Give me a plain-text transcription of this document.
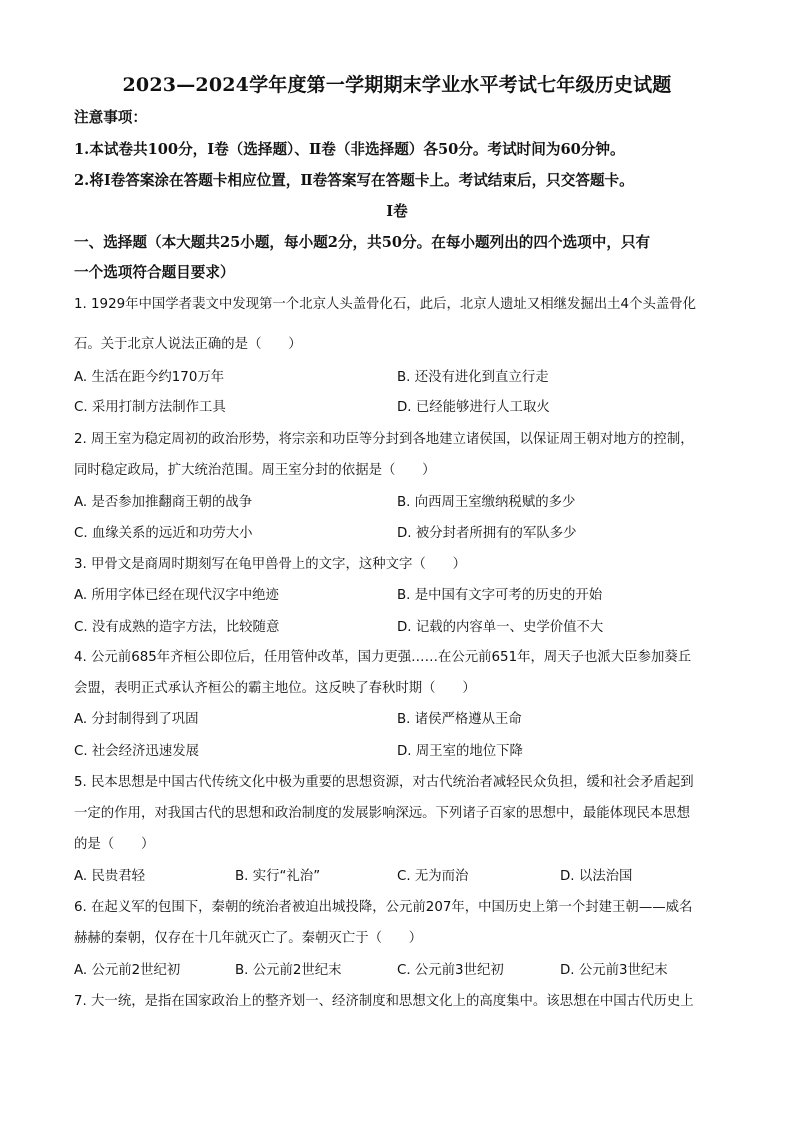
2023—2024学年度第一学期期末学业水平考试七年级历史试题
注意事项：
1.本试卷共100分，Ⅰ卷（选择题）、Ⅱ卷（非选择题）各50分。考试时间为60分钟。
2.将Ⅰ卷答案涂在答题卡相应位置，Ⅱ卷答案写在答题卡上。考试结束后，只交答题卡。
Ⅰ卷
一、选择题（本大题共25小题，每小题2分，共50分。在每小题列出的四个选项中，只有
一个选项符合题目要求）
1. 1929年中国学者裴文中发现第一个北京人头盖骨化石，此后，北京人遗址又相继发掘出土4个头盖骨化
石。关于北京人说法正确的是（　　）
A. 生活在距今约170万年	B. 还没有进化到直立行走
C. 采用打制方法制作工具	D. 已经能够进行人工取火
2. 周王室为稳定周初的政治形势，将宗亲和功臣等分封到各地建立诸侯国，以保证周王朝对地方的控制，
同时稳定政局，扩大统治范围。周王室分封的依据是（　　）
A. 是否参加推翻商王朝的战争	B. 向西周王室缴纳税赋的多少
C. 血缘关系的远近和功劳大小	D. 被分封者所拥有的军队多少
3. 甲骨文是商周时期刻写在龟甲兽骨上的文字，这种文字（　　）
A. 所用字体已经在现代汉字中绝迹	B. 是中国有文字可考的历史的开始
C. 没有成熟的造字方法，比较随意	D. 记载的内容单一、史学价值不大
4. 公元前685年齐桓公即位后，任用管仲改革，国力更强……在公元前651年，周天子也派大臣参加葵丘
会盟，表明正式承认齐桓公的霸主地位。这反映了春秋时期（　　）
A. 分封制得到了巩固	B. 诸侯严格遵从王命
C. 社会经济迅速发展	D. 周王室的地位下降
5. 民本思想是中国古代传统文化中极为重要的思想资源，对古代统治者减轻民众负担，缓和社会矛盾起到
一定的作用，对我国古代的思想和政治制度的发展影响深远。下列诸子百家的思想中，最能体现民本思想
的是（　　）
A. 民贵君轻	B. 实行“礼治”	C. 无为而治	D. 以法治国
6. 在起义军的包围下，秦朝的统治者被迫出城投降，公元前207年，中国历史上第一个封建王朝——威名
赫赫的秦朝，仅存在十几年就灭亡了。秦朝灭亡于（　　）
A. 公元前2世纪初	B. 公元前2世纪末	C. 公元前3世纪初	D. 公元前3世纪末
7. 大一统，是指在国家政治上的整齐划一、经济制度和思想文化上的高度集中。该思想在中国古代历史上
